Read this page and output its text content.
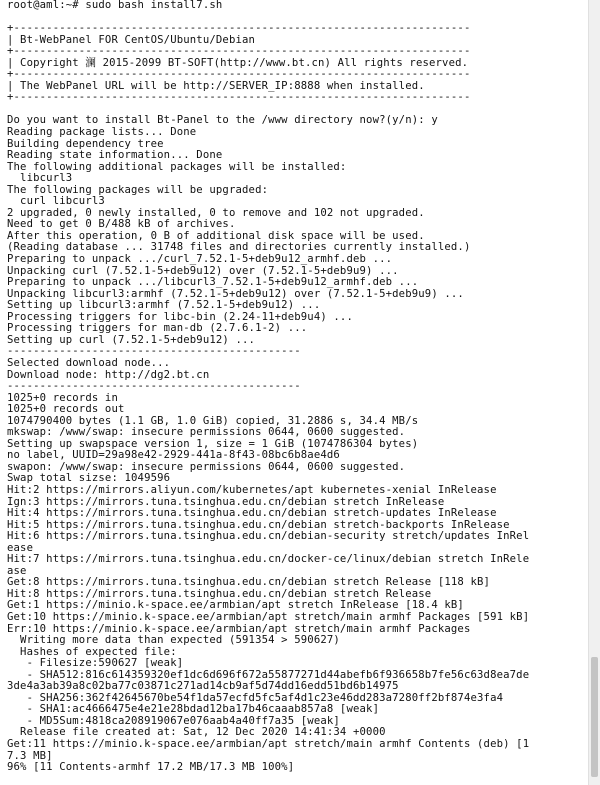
root@aml:~# sudo bash install7.sh
+----------------------------------------------------------------------
| Bt-WebPanel FOR CentOS/Ubuntu/Debian
+----------------------------------------------------------------------
| Copyright 澜 2015-2099 BT-SOFT(http://www.bt.cn) All rights reserved.
+----------------------------------------------------------------------
| The WebPanel URL will be http://SERVER_IP:8888 when installed.
+----------------------------------------------------------------------
Do you want to install Bt-Panel to the /www directory now?(y/n): y
Reading package lists... Done
Building dependency tree
Reading state information... Done
The following additional packages will be installed:
libcurl3
The following packages will be upgraded:
curl libcurl3
2 upgraded, 0 newly installed, 0 to remove and 102 not upgraded.
Need to get 0 B/488 kB of archives.
After this operation, 0 B of additional disk space will be used.
(Reading database ... 31748 files and directories currently installed.)
Preparing to unpack .../curl_7.52.1-5+deb9u12_armhf.deb ...
Unpacking curl (7.52.1-5+deb9u12) over (7.52.1-5+deb9u9) ...
Preparing to unpack .../libcurl3_7.52.1-5+deb9u12_armhf.deb ...
Unpacking libcurl3:armhf (7.52.1-5+deb9u12) over (7.52.1-5+deb9u9) ...
Setting up libcurl3:armhf (7.52.1-5+deb9u12) ...
Processing triggers for libc-bin (2.24-11+deb9u4) ...
Processing triggers for man-db (2.7.6.1-2) ...
Setting up curl (7.52.1-5+deb9u12) ...
---------------------------------------------
Selected download node...
Download node: http://dg2.bt.cn
---------------------------------------------
1025+0 records in
1025+0 records out
1074790400 bytes (1.1 GB, 1.0 GiB) copied, 31.2886 s, 34.4 MB/s
mkswap: /www/swap: insecure permissions 0644, 0600 suggested.
Setting up swapspace version 1, size = 1 GiB (1074786304 bytes)
no label, UUID=29a98e42-2929-441a-8f43-08bc6b8ae4d6
swapon: /www/swap: insecure permissions 0644, 0600 suggested.
Swap total sizse: 1049596
Hit:2 https://mirrors.aliyun.com/kubernetes/apt kubernetes-xenial InRelease
Ign:3 https://mirrors.tuna.tsinghua.edu.cn/debian stretch InRelease
Hit:4 https://mirrors.tuna.tsinghua.edu.cn/debian stretch-updates InRelease
Hit:5 https://mirrors.tuna.tsinghua.edu.cn/debian stretch-backports InRelease
Hit:6 https://mirrors.tuna.tsinghua.edu.cn/debian-security stretch/updates InRel
ease
Hit:7 https://mirrors.tuna.tsinghua.edu.cn/docker-ce/linux/debian stretch InRele
ase
Get:8 https://mirrors.tuna.tsinghua.edu.cn/debian stretch Release [118 kB]
Hit:8 https://mirrors.tuna.tsinghua.edu.cn/debian stretch Release
Get:1 https://minio.k-space.ee/armbian/apt stretch InRelease [18.4 kB]
Get:10 https://minio.k-space.ee/armbian/apt stretch/main armhf Packages [591 kB]
Err:10 https://minio.k-space.ee/armbian/apt stretch/main armhf Packages
Writing more data than expected (591354 > 590627)
Hashes of expected file:
- Filesize:590627 [weak]
- SHA512:816c614359320ef1dc6d696f672a55877271d44abefb6f936658b7fe56c63d8ea7de
3de4a3ab39a8c02ba77c03871c271ad14cb9af5d74dd16edd51bd6b14975
- SHA256:362f42645670be54f1da57ecfd5fc5af4d1c23e46dd283a7280ff2bf874e3fa4
- SHA1:ac4666475e4e21e28bdad12ba17b46caaab857a8 [weak]
- MD5Sum:4818ca208919067e076aab4a40ff7a35 [weak]
Release file created at: Sat, 12 Dec 2020 14:41:34 +0000
Get:11 https://minio.k-space.ee/armbian/apt stretch/main armhf Contents (deb) [1
7.3 MB]
96% [11 Contents-armhf 17.2 MB/17.3 MB 100%]
